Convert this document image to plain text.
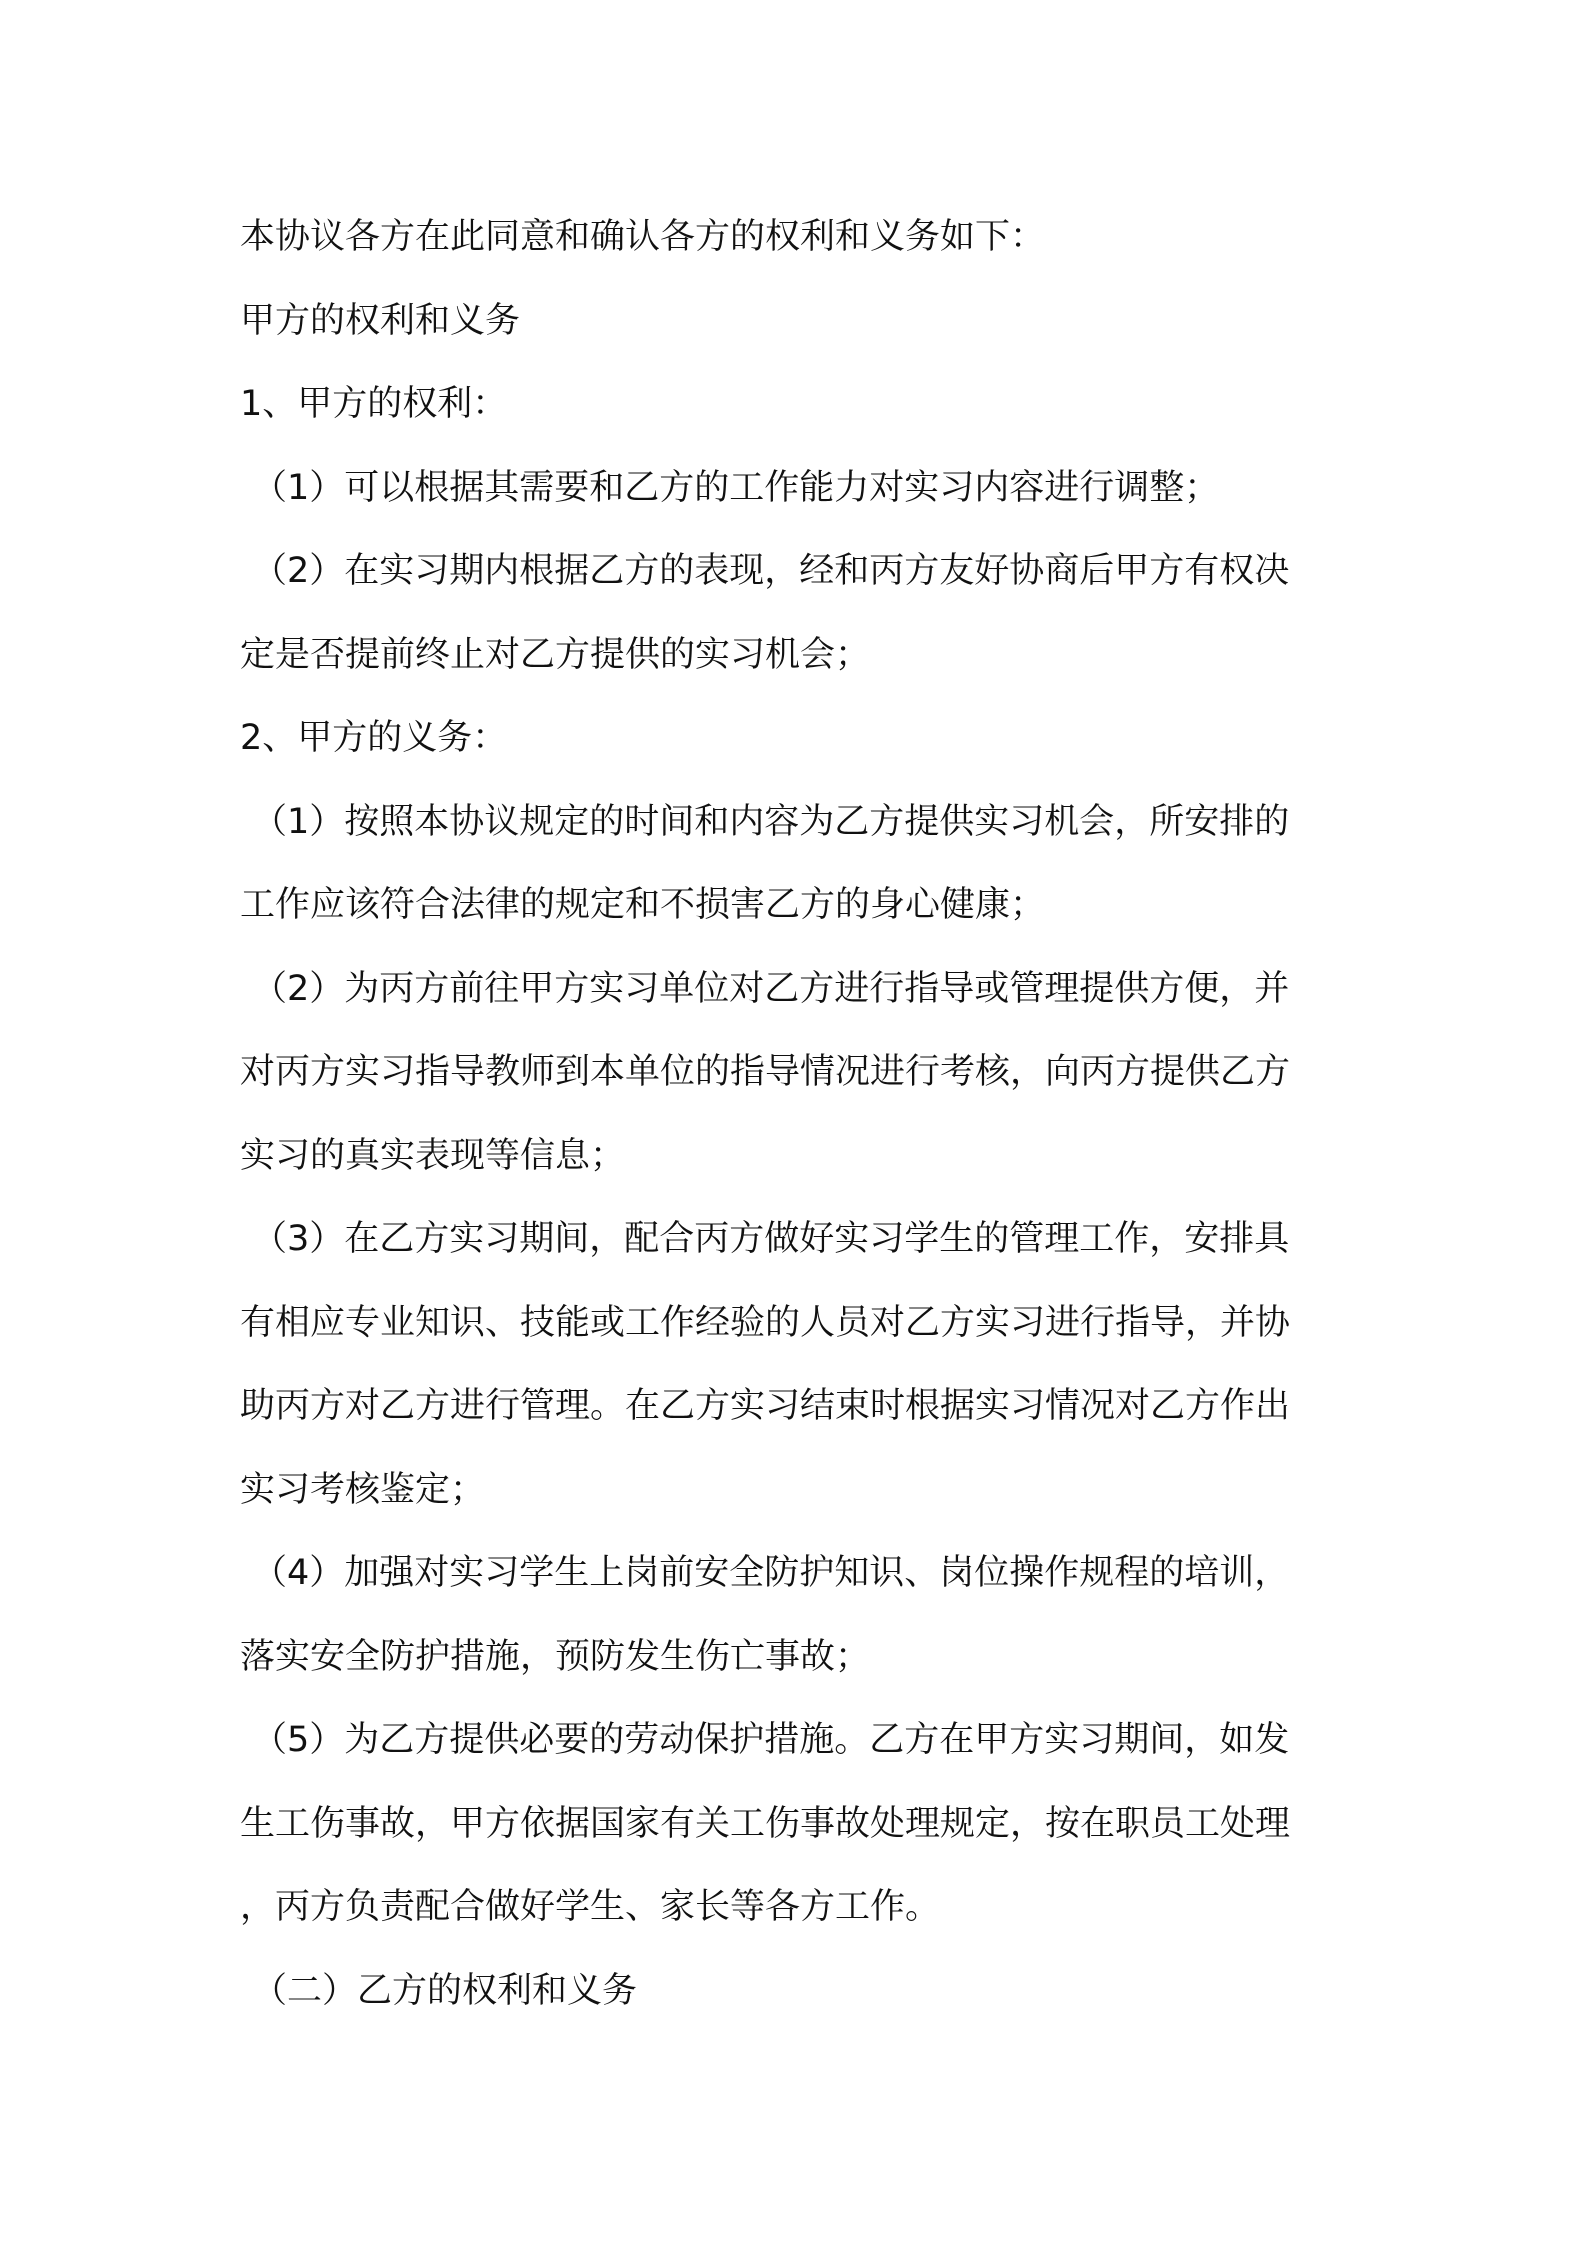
本协议各方在此同意和确认各方的权利和义务如下：
甲方的权利和义务
1、甲方的权利：
（1）可以根据其需要和乙方的工作能力对实习内容进行调整；
（2）在实习期内根据乙方的表现，经和丙方友好协商后甲方有权决
定是否提前终止对乙方提供的实习机会；
2、甲方的义务：
（1）按照本协议规定的时间和内容为乙方提供实习机会，所安排的
工作应该符合法律的规定和不损害乙方的身心健康；
（2）为丙方前往甲方实习单位对乙方进行指导或管理提供方便，并
对丙方实习指导教师到本单位的指导情况进行考核，向丙方提供乙方
实习的真实表现等信息；
（3）在乙方实习期间，配合丙方做好实习学生的管理工作，安排具
有相应专业知识、技能或工作经验的人员对乙方实习进行指导，并协
助丙方对乙方进行管理。在乙方实习结束时根据实习情况对乙方作出
实习考核鉴定；
（4）加强对实习学生上岗前安全防护知识、岗位操作规程的培训，
落实安全防护措施，预防发生伤亡事故；
（5）为乙方提供必要的劳动保护措施。乙方在甲方实习期间，如发
生工伤事故，甲方依据国家有关工伤事故处理规定，按在职员工处理
，丙方负责配合做好学生、家长等各方工作。
（二）乙方的权利和义务
